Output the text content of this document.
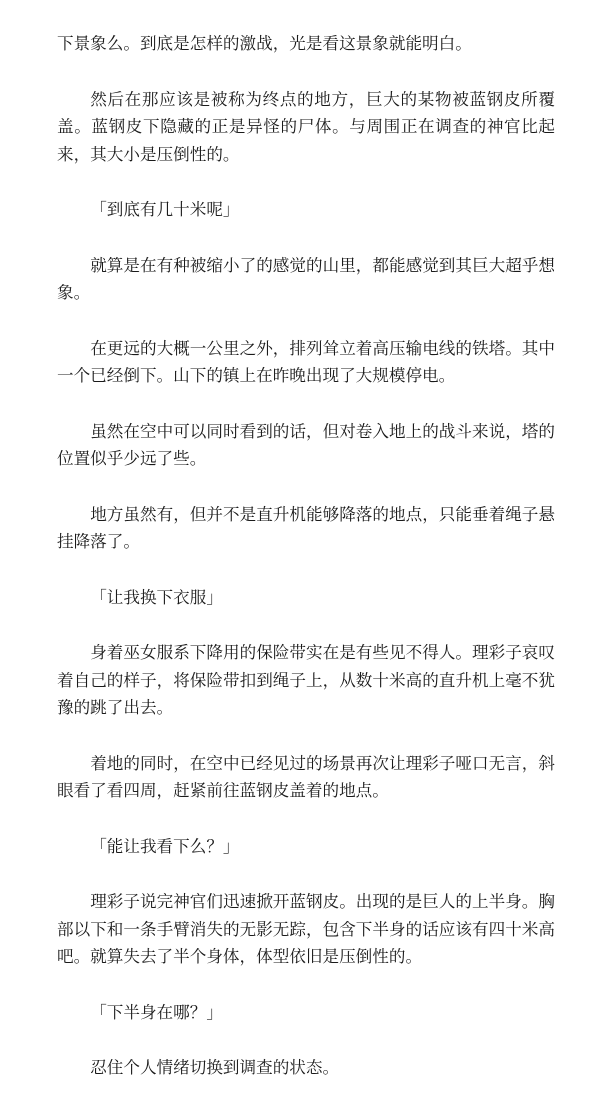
下景象么。到底是怎样的激战，光是看这景象就能明白。

然后在那应该是被称为终点的地方，巨大的某物被蓝钢皮所覆盖。蓝钢皮下隐藏的正是异怪的尸体。与周围正在调查的神官比起来，其大小是压倒性的。

「到底有几十米呢」

就算是在有种被缩小了的感觉的山里，都能感觉到其巨大超乎想象。

在更远的大概一公里之外，排列耸立着高压输电线的铁塔。其中一个已经倒下。山下的镇上在昨晚出现了大规模停电。

虽然在空中可以同时看到的话，但对卷入地上的战斗来说，塔的位置似乎少远了些。

地方虽然有，但并不是直升机能够降落的地点，只能垂着绳子悬挂降落了。

「让我换下衣服」

身着巫女服系下降用的保险带实在是有些见不得人。理彩子哀叹着自己的样子，将保险带扣到绳子上，从数十米高的直升机上毫不犹豫的跳了出去。

着地的同时，在空中已经见过的场景再次让理彩子哑口无言，斜眼看了看四周，赶紧前往蓝钢皮盖着的地点。

「能让我看下么？」

理彩子说完神官们迅速掀开蓝钢皮。出现的是巨人的上半身。胸部以下和一条手臂消失的无影无踪，包含下半身的话应该有四十米高吧。就算失去了半个身体，体型依旧是压倒性的。

「下半身在哪？」

忍住个人情绪切换到调查的状态。
